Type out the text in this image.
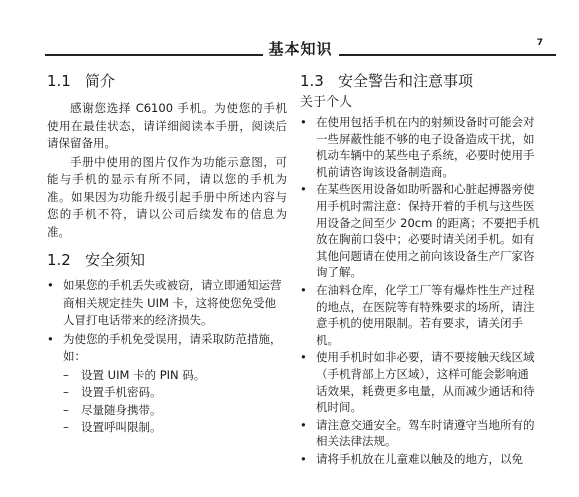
7
基本知识
1.1 简介

感谢您选择 C6100 手机。为使您的手机使用在最佳状态，请详细阅读本手册，阅读后请保留备用。

手册中使用的图片仅作为功能示意图，可能与手机的显示有所不同，请以您的手机为准。如果因为功能升级引起手册中所述内容与您的手机不符，请以公司后续发布的信息为准。

1.2 安全须知
• 如果您的手机丢失或被窃，请立即通知运营商相关规定挂失 UIM 卡，这将使您免受他人冒打电话带来的经济损失。
• 为使您的手机免受误用，请采取防范措施， 如：
– 设置 UIM 卡的 PIN 码。
– 设置手机密码。
– 尽量随身携带。
– 设置呼叫限制。
1.3 安全警告和注意事项
关于个人
• 在使用包括手机在内的射频设备时可能会对一些屏蔽性能不够的电子设备造成干扰，如机动车辆中的某些电子系统，必要时使用手机前请咨询该设备制造商。
• 在某些医用设备如助听器和心脏起搏器旁使用手机时需注意：保持开着的手机与这些医用设备之间至少 20cm 的距离；不要把手机放在胸前口袋中；必要时请关闭手机。如有其他问题请在使用之前向该设备生产厂家咨询了解。
• 在油料仓库，化学工厂等有爆炸性生产过程的地点，在医院等有特殊要求的场所，请注意手机的使用限制。若有要求，请关闭手机。
• 使用手机时如非必要，请不要接触天线区域（手机背部上方区域），这样可能会影响通话效果，耗费更多电量，从而减少通话和待机时间。
• 请注意交通安全。驾车时请遵守当地所有的相关法律法规。
• 请将手机放在儿童难以触及的地方，以免
